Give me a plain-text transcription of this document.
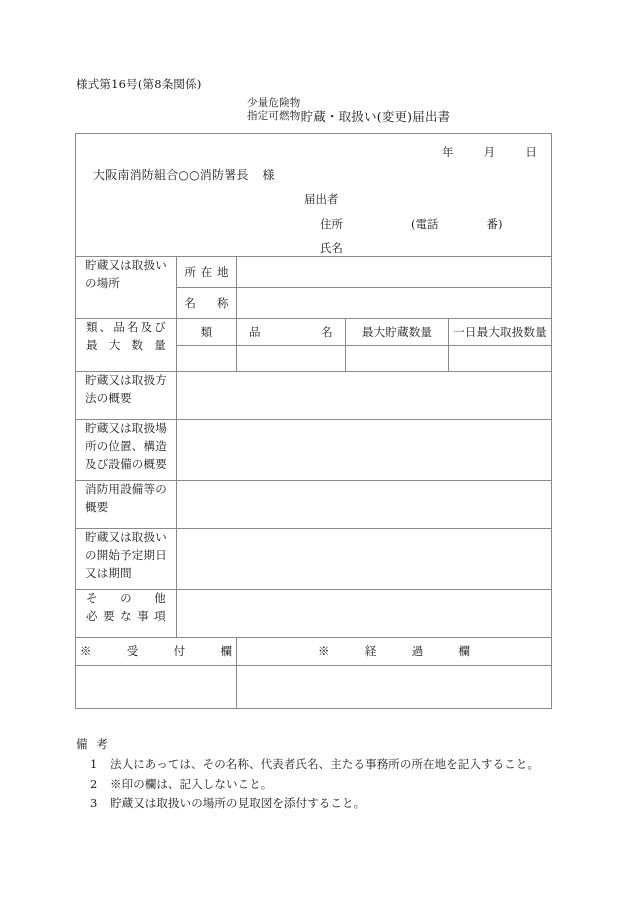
様式第16号(第8条関係)
少量危険物
指定可燃物 貯蔵・取扱い(変更)届出書
年 月 日
大阪南消防組合○○消防署長 様
届出者
住所 (電話 番)
氏名				

貯蔵又は取扱い
の場所	所在地			
	名称			

類、品名及び
最大数量	類	品名	最大貯蔵数量	一日最大取扱数量

貯蔵又は取扱方
法の概要				

貯蔵又は取扱場
所の位置、構造
及び設備の概要				

消防用設備等の
概要				

貯蔵又は取扱い
の開始予定期日
又は期間				

その他
必要な事項				

※受付欄		※経過欄		

備考
1 法人にあっては、その名称、代表者氏名、主たる事務所の所在地を記入すること。
2 ※印の欄は、記入しないこと。
3 貯蔵又は取扱いの場所の見取図を添付すること。
